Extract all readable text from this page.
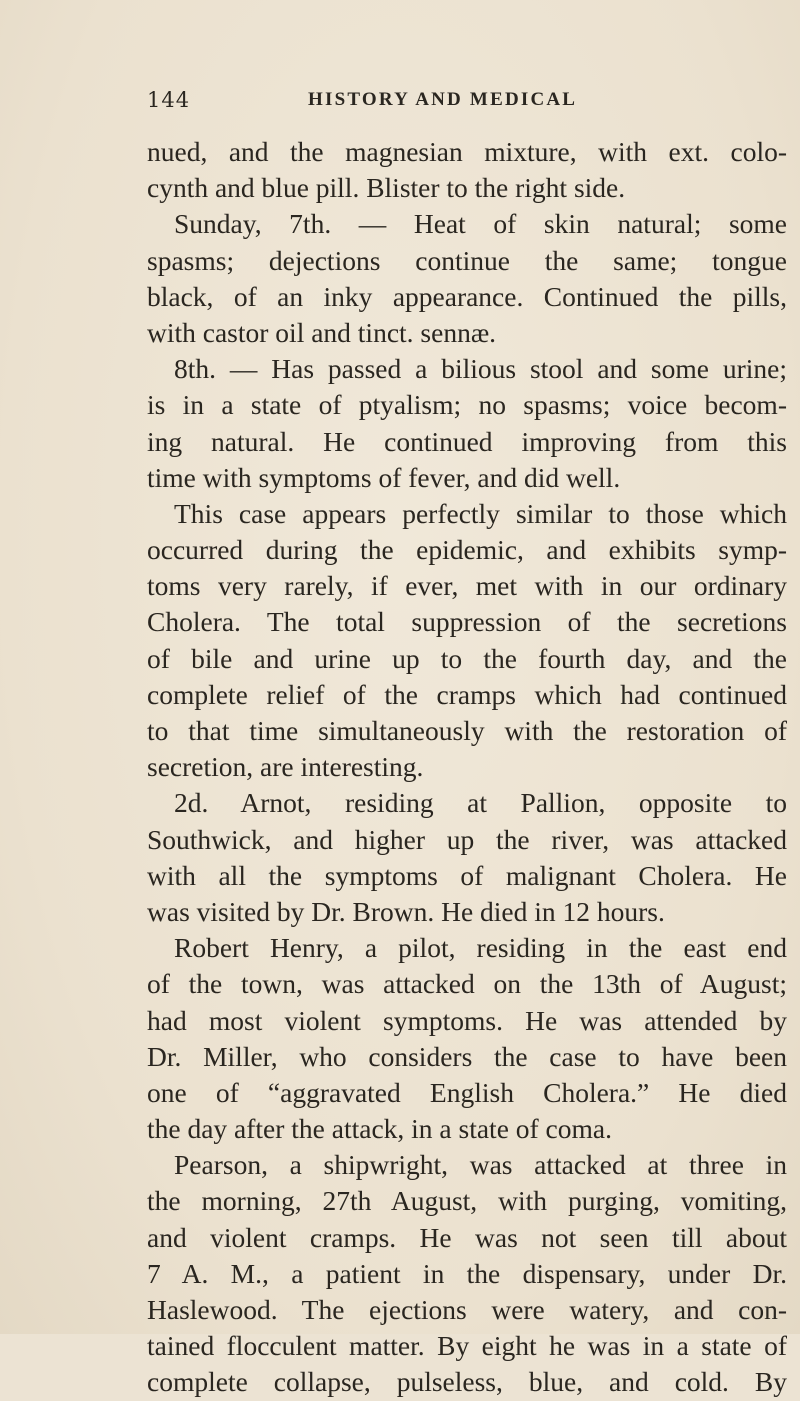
144	HISTORY AND MEDICAL
nued, and the magnesian mixture, with ext. colo-
cynth and blue pill. Blister to the right side.
Sunday, 7th. — Heat of skin natural; some
spasms; dejections continue the same; tongue
black, of an inky appearance. Continued the pills,
with castor oil and tinct. sennæ.
8th. — Has passed a bilious stool and some urine;
is in a state of ptyalism; no spasms; voice becom-
ing natural. He continued improving from this
time with symptoms of fever, and did well.
This case appears perfectly similar to those which
occurred during the epidemic, and exhibits symp-
toms very rarely, if ever, met with in our ordinary
Cholera. The total suppression of the secretions
of bile and urine up to the fourth day, and the
complete relief of the cramps which had continued
to that time simultaneously with the restoration of
secretion, are interesting.
2d. Arnot, residing at Pallion, opposite to
Southwick, and higher up the river, was attacked
with all the symptoms of malignant Cholera. He
was visited by Dr. Brown. He died in 12 hours.
Robert Henry, a pilot, residing in the east end
of the town, was attacked on the 13th of August;
had most violent symptoms. He was attended by
Dr. Miller, who considers the case to have been
one of “aggravated English Cholera.” He died
the day after the attack, in a state of coma.
Pearson, a shipwright, was attacked at three in
the morning, 27th August, with purging, vomiting,
and violent cramps. He was not seen till about
7 A. M., a patient in the dispensary, under Dr.
Haslewood. The ejections were watery, and con-
tained flocculent matter. By eight he was in a state of
complete collapse, pulseless, blue, and cold. By
